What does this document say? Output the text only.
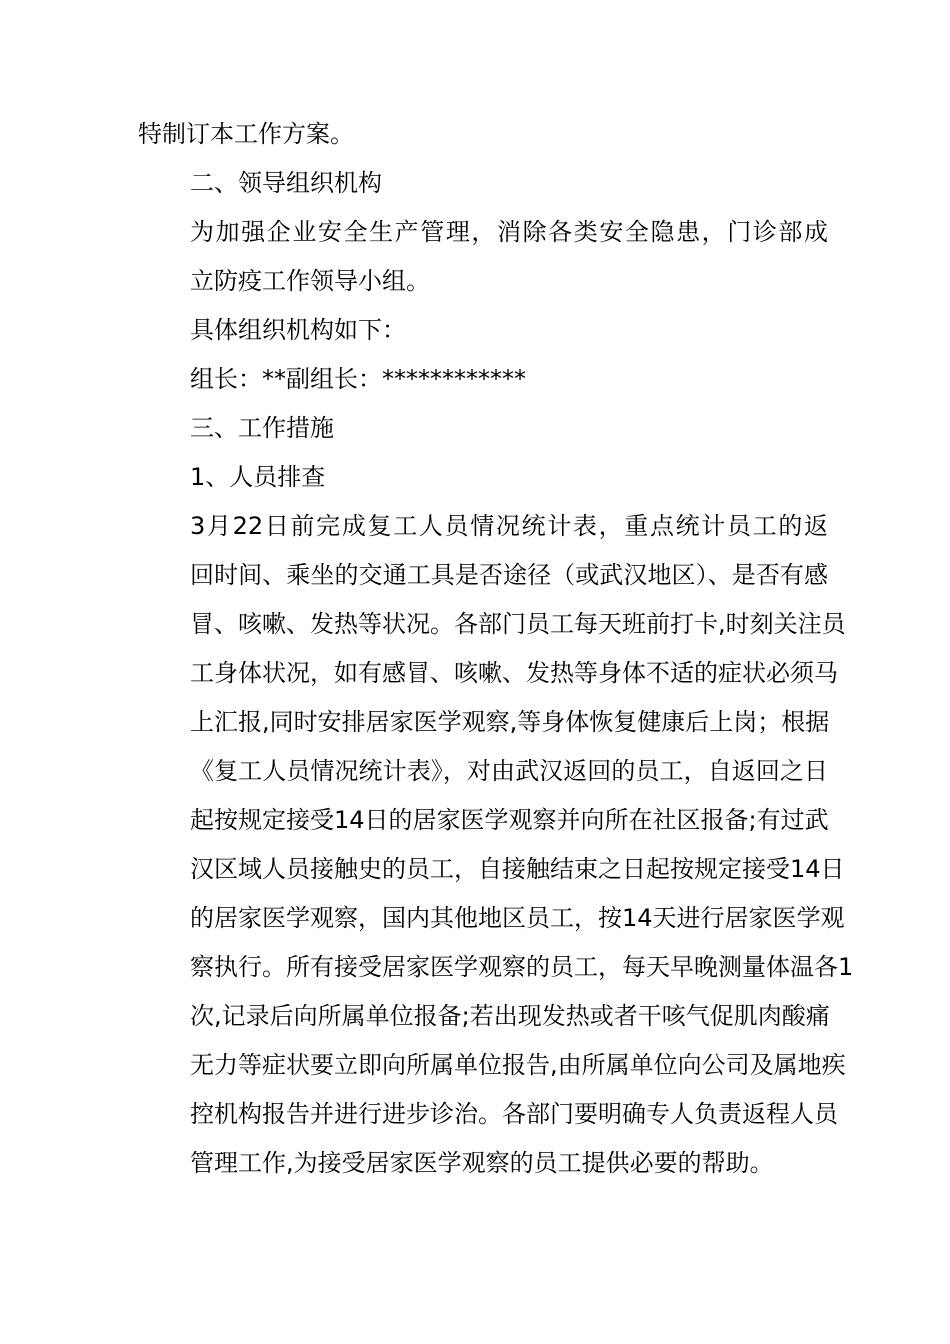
特制订本工作方案。

二、领导组织机构

为加强企业安全生产管理，消除各类安全隐患，门诊部成
立防疫工作领导小组。

具体组织机构如下：

组长：**副组长：************

三、工作措施

1、人员排查

3月22日前完成复工人员情况统计表，重点统计员工的返
回时间、乘坐的交通工具是否途径（或武汉地区）、是否有感
冒、咳嗽、发热等状况。各部门员工每天班前打卡,时刻关注员
工身体状况，如有感冒、咳嗽、发热等身体不适的症状必须马
上汇报,同时安排居家医学观察,等身体恢复健康后上岗；根据
《复工人员情况统计表》，对由武汉返回的员工，自返回之日
起按规定接受14日的居家医学观察并向所在社区报备;有过武
汉区域人员接触史的员工，自接触结束之日起按规定接受14日
的居家医学观察，国内其他地区员工，按14天进行居家医学观
察执行。所有接受居家医学观察的员工，每天早晚测量体温各1
次,记录后向所属单位报备;若出现发热或者干咳气促肌肉酸痛
无力等症状要立即向所属单位报告,由所属单位向公司及属地疾
控机构报告并进行进步诊治。各部门要明确专人负责返程人员
管理工作,为接受居家医学观察的员工提供必要的帮助。
